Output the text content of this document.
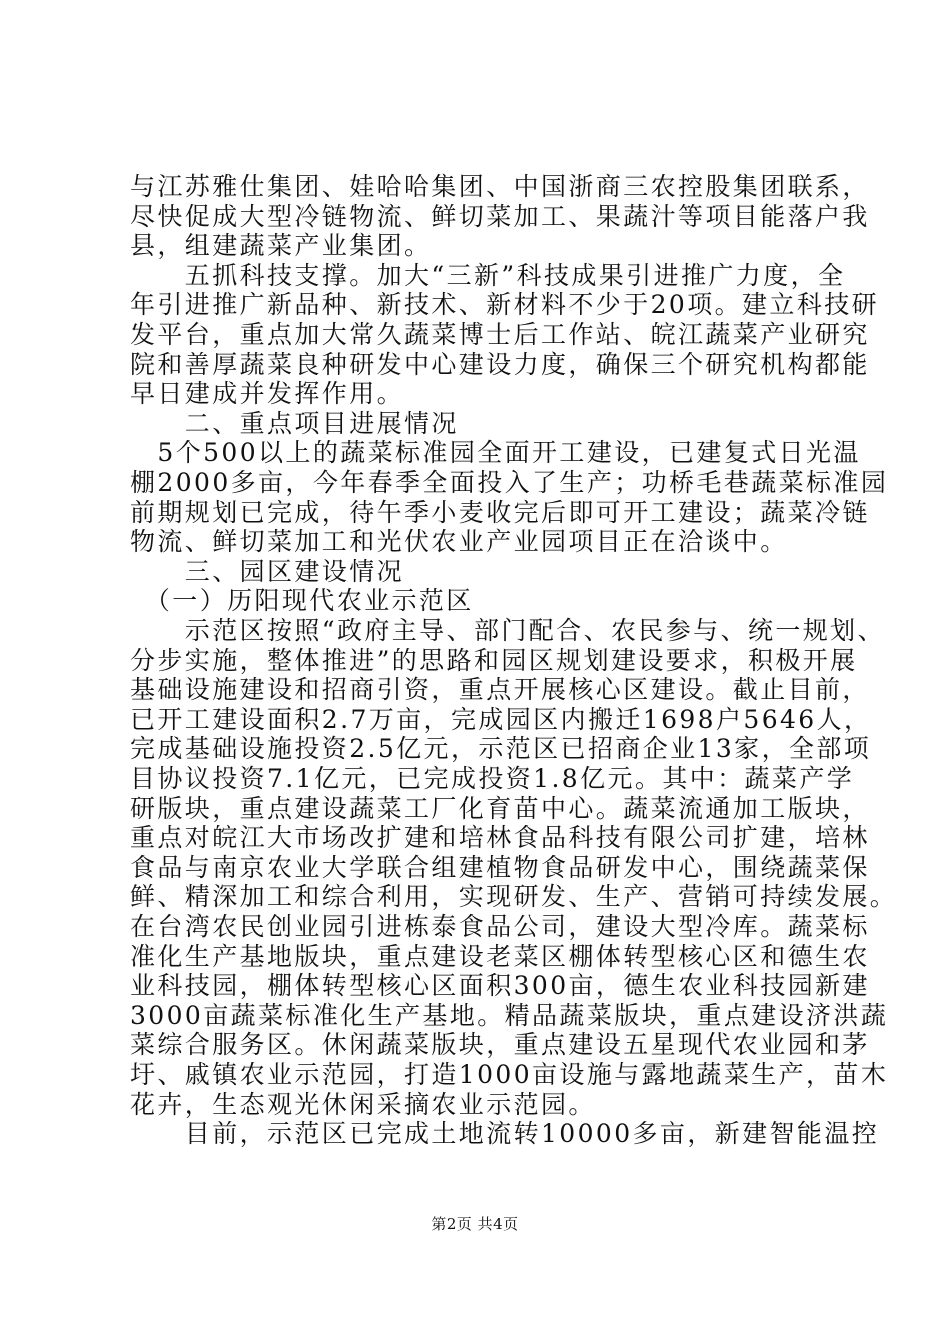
与江苏雅仕集团、娃哈哈集团、中国浙商三农控股集团联系，
尽快促成大型冷链物流、鲜切菜加工、果蔬汁等项目能落户我
县，组建蔬菜产业集团。
　　五抓科技支撑。加大“三新”科技成果引进推广力度，全
年引进推广新品种、新技术、新材料不少于20项。建立科技研
发平台，重点加大常久蔬菜博士后工作站、皖江蔬菜产业研究
院和善厚蔬菜良种研发中心建设力度，确保三个研究机构都能
早日建成并发挥作用。
　　二、重点项目进展情况
　5个500以上的蔬菜标准园全面开工建设，已建复式日光温
棚2000多亩，今年春季全面投入了生产；功桥毛巷蔬菜标准园
前期规划已完成，待午季小麦收完后即可开工建设；蔬菜冷链
物流、鲜切菜加工和光伏农业产业园项目正在洽谈中。
　　三、园区建设情况
　（一）历阳现代农业示范区
　　示范区按照“政府主导、部门配合、农民参与、统一规划、
分步实施，整体推进”的思路和园区规划建设要求，积极开展
基础设施建设和招商引资，重点开展核心区建设。截止目前，
已开工建设面积2.7万亩，完成园区内搬迁1698户5646人，
完成基础设施投资2.5亿元，示范区已招商企业13家，全部项
目协议投资7.1亿元，已完成投资1.8亿元。其中：蔬菜产学
研版块，重点建设蔬菜工厂化育苗中心。蔬菜流通加工版块，
重点对皖江大市场改扩建和培林食品科技有限公司扩建，培林
食品与南京农业大学联合组建植物食品研发中心，围绕蔬菜保
鲜、精深加工和综合利用，实现研发、生产、营销可持续发展。
在台湾农民创业园引进栋泰食品公司，建设大型冷库。蔬菜标
准化生产基地版块，重点建设老菜区棚体转型核心区和德生农
业科技园，棚体转型核心区面积300亩，德生农业科技园新建
3000亩蔬菜标准化生产基地。精品蔬菜版块，重点建设济洪蔬
菜综合服务区。休闲蔬菜版块，重点建设五星现代农业园和茅
圩、戚镇农业示范园，打造1000亩设施与露地蔬菜生产，苗木
花卉，生态观光休闲采摘农业示范园。
　　目前，示范区已完成土地流转10000多亩，新建智能温控
第2页 共4页
